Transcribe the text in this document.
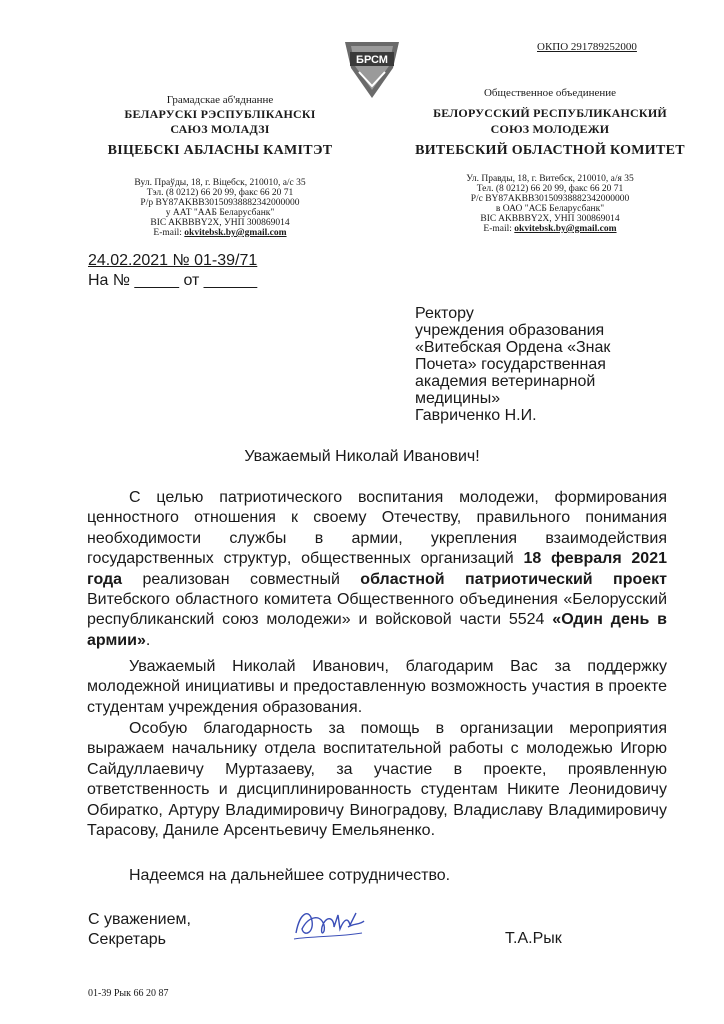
ОКПО 291789252000
БРСМ
Грамадскае аб'яднанне
БЕЛАРУСКІ РЭСПУБЛІКАНСКІ
САЮЗ МОЛАДЗІ
ВІЦЕБСКІ АБЛАСНЫ КАМІТЭТ
Вул. Праўды, 18, г. Віцебск, 210010, а/с 35
Тэл. (8 0212) 66 20 99, факс 66 20 71
Р/р BY87AKBB30150938882342000000
у ААТ "ААБ Беларусбанк"
BIC AKBBBY2X, УНП 300869014
E-mail: okvitebsk.by@gmail.com
Общественное объединение
БЕЛОРУССКИЙ РЕСПУБЛИКАНСКИЙ
СОЮЗ МОЛОДЕЖИ
ВИТЕБСКИЙ ОБЛАСТНОЙ КОМИТЕТ
Ул. Правды, 18, г. Витебск, 210010, а/я 35
Тел. (8 0212) 66 20 99, факс 66 20 71
Р/с BY87AKBB30150938882342000000
в ОАО "АСБ Беларусбанк"
BIC AKBBBY2X, УНП 300869014
E-mail: okvitebsk.by@gmail.com
24.02.2021 № 01-39/71
На № _____ от ______
Ректору
учреждения образования
«Витебская Ордена «Знак
Почета» государственная
академия ветеринарной
медицины»
Гавриченко Н.И.
Уважаемый Николай Иванович!
С целью патриотического воспитания молодежи, формирования ценностного отношения к своему Отечеству, правильного понимания необходимости службы в армии, укрепления взаимодействия государственных структур, общественных организаций 18 февраля 2021 года реализован совместный областной патриотический проект Витебского областного комитета Общественного объединения «Белорусский республиканский союз молодежи» и войсковой части 5524 «Один день в армии».
Уважаемый Николай Иванович, благодарим Вас за поддержку молодежной инициативы и предоставленную возможность участия в проекте студентам учреждения образования.
Особую благодарность за помощь в организации мероприятия выражаем начальнику отдела воспитательной работы с молодежью Игорю Сайдуллаевичу Муртазаеву, за участие в проекте, проявленную ответственность и дисциплинированность студентам Никите Леонидовичу Обиратко, Артуру Владимировичу Виноградову, Владиславу Владимировичу Тарасову, Даниле Арсентьевичу Емельяненко.
Надеемся на дальнейшее сотрудничество.
С уважением,
Секретарь	Т.А.Рык
01-39 Рык 66 20 87
